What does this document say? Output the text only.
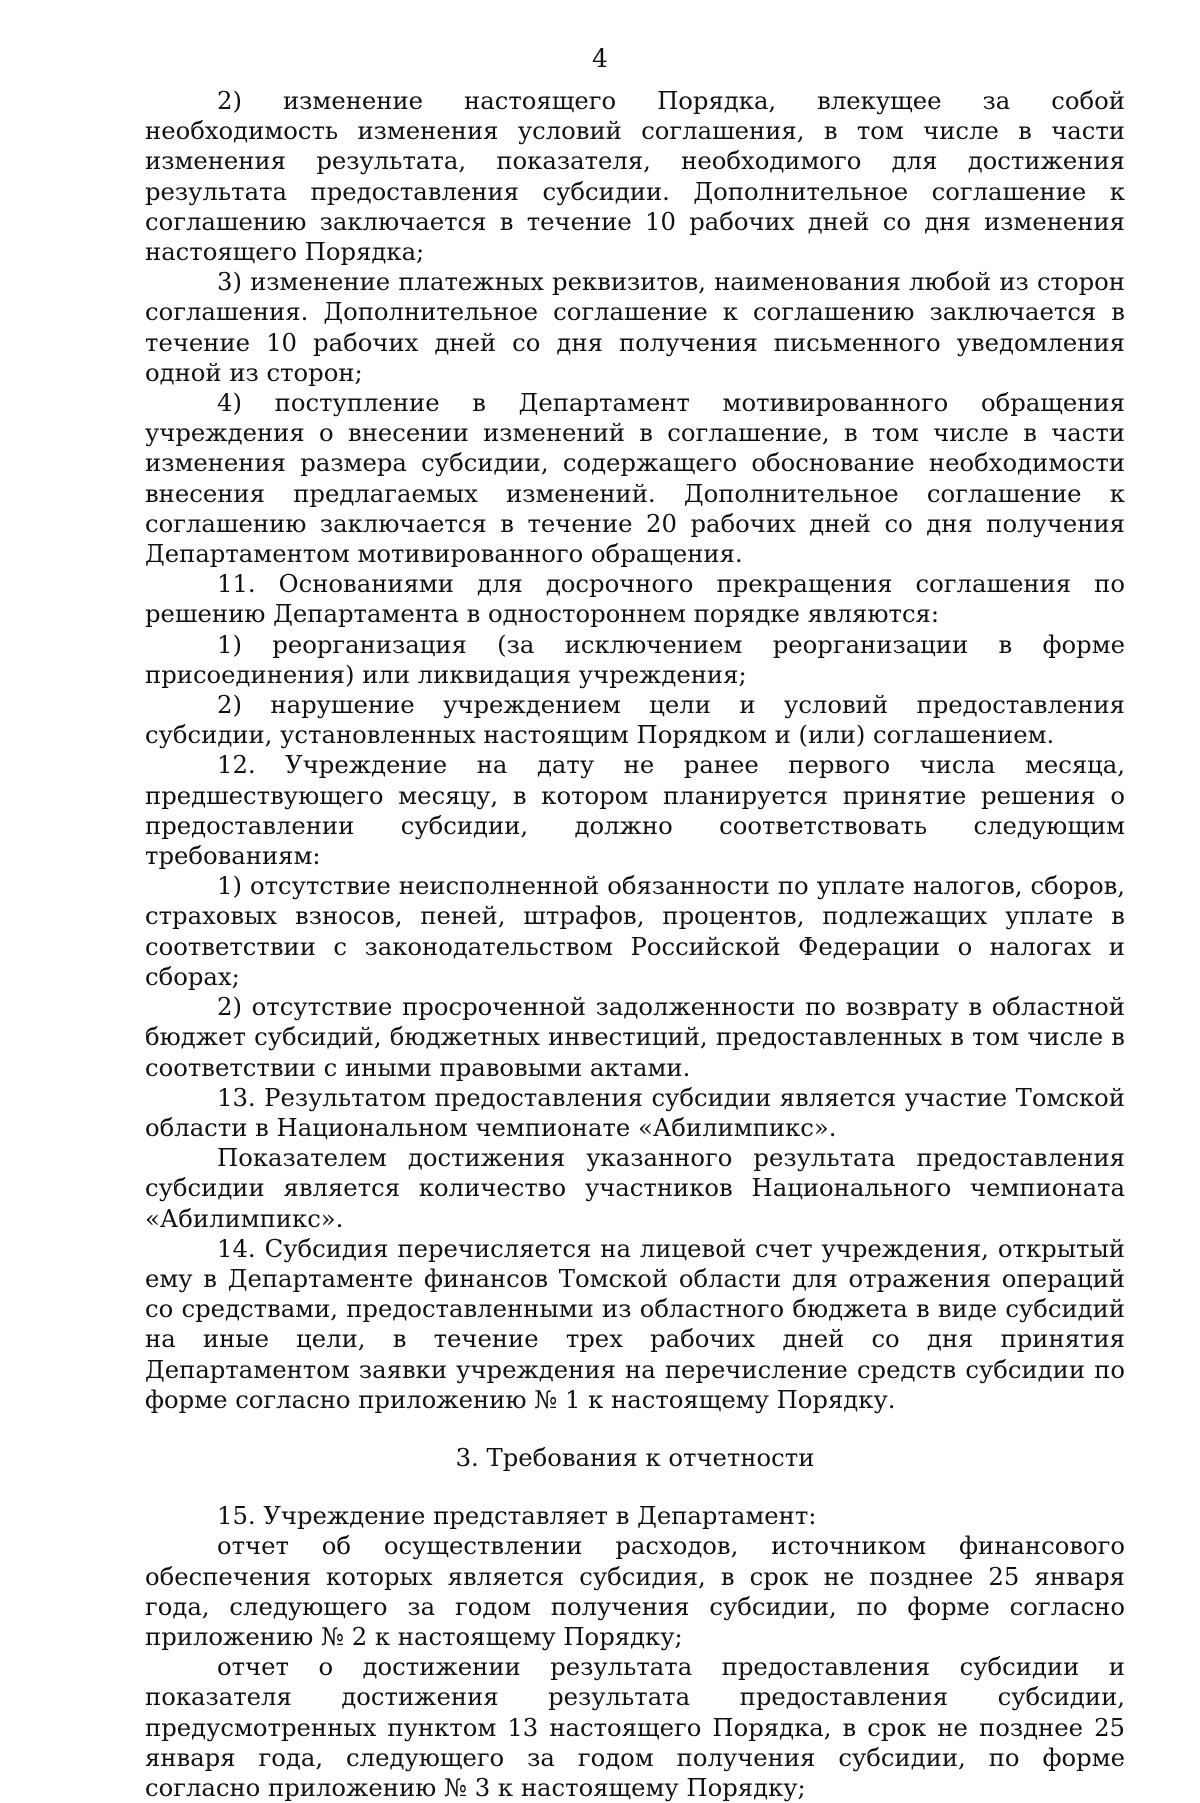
4

2) изменение настоящего Порядка, влекущее за собой необходимость изменения условий соглашения, в том числе в части изменения результата, показателя, необходимого для достижения результата предоставления субсидии. Дополнительное соглашение к соглашению заключается в течение 10 рабочих дней со дня изменения настоящего Порядка;

3) изменение платежных реквизитов, наименования любой из сторон соглашения. Дополнительное соглашение к соглашению заключается в течение 10 рабочих дней со дня получения письменного уведомления одной из сторон;

4) поступление в Департамент мотивированного обращения учреждения о внесении изменений в соглашение, в том числе в части изменения размера субсидии, содержащего обоснование необходимости внесения предлагаемых изменений. Дополнительное соглашение к соглашению заключается в течение 20 рабочих дней со дня получения Департаментом мотивированного обращения.

11. Основаниями для досрочного прекращения соглашения по решению Департамента в одностороннем порядке являются:

1) реорганизация (за исключением реорганизации в форме присоединения) или ликвидация учреждения;

2) нарушение учреждением цели и условий предоставления субсидии, установленных настоящим Порядком и (или) соглашением.

12. Учреждение на дату не ранее первого числа месяца, предшествующего месяцу, в котором планируется принятие решения о предоставлении субсидии, должно соответствовать следующим требованиям:

1) отсутствие неисполненной обязанности по уплате налогов, сборов, страховых взносов, пеней, штрафов, процентов, подлежащих уплате в соответствии с законодательством Российской Федерации о налогах и сборах;

2) отсутствие просроченной задолженности по возврату в областной бюджет субсидий, бюджетных инвестиций, предоставленных в том числе в соответствии с иными правовыми актами.

13. Результатом предоставления субсидии является участие Томской области в Национальном чемпионате «Абилимпикс».

Показателем достижения указанного результата предоставления субсидии является количество участников Национального чемпионата «Абилимпикс».

14. Субсидия перечисляется на лицевой счет учреждения, открытый ему в Департаменте финансов Томской области для отражения операций со средствами, предоставленными из областного бюджета в виде субсидий на иные цели, в течение трех рабочих дней со дня принятия Департаментом заявки учреждения на перечисление средств субсидии по форме согласно приложению № 1 к настоящему Порядку.

3. Требования к отчетности

15. Учреждение представляет в Департамент:

отчет об осуществлении расходов, источником финансового обеспечения которых является субсидия, в срок не позднее 25 января года, следующего за годом получения субсидии, по форме согласно приложению № 2 к настоящему Порядку;

отчет о достижении результата предоставления субсидии и показателя достижения результата предоставления субсидии, предусмотренных пунктом 13 настоящего Порядка, в срок не позднее 25 января года, следующего за годом получения субсидии, по форме согласно приложению № 3 к настоящему Порядку;
